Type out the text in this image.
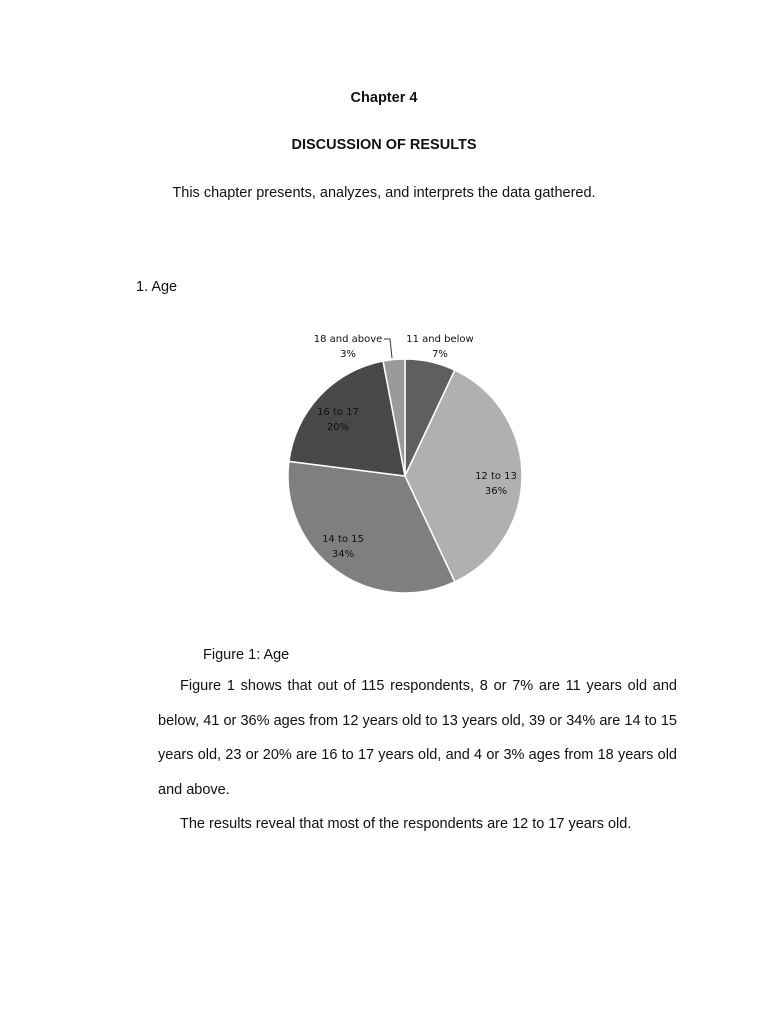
Chapter 4
DISCUSSION OF RESULTS
This chapter presents, analyzes, and interprets the data gathered.
1. Age
11 and below 7%
12 to 13 36%
14 to 15 34%
16 to 17 20%
18 and above 3%
Figure 1: Age

Figure 1 shows that out of 115 respondents, 8 or 7% are 11 years old and below, 41 or 36% ages from 12 years old to 13 years old, 39 or 34% are 14 to 15 years old, 23 or 20% are 16 to 17 years old, and 4 or 3% ages from 18 years old and above.

The results reveal that most of the respondents are 12 to 17 years old.
